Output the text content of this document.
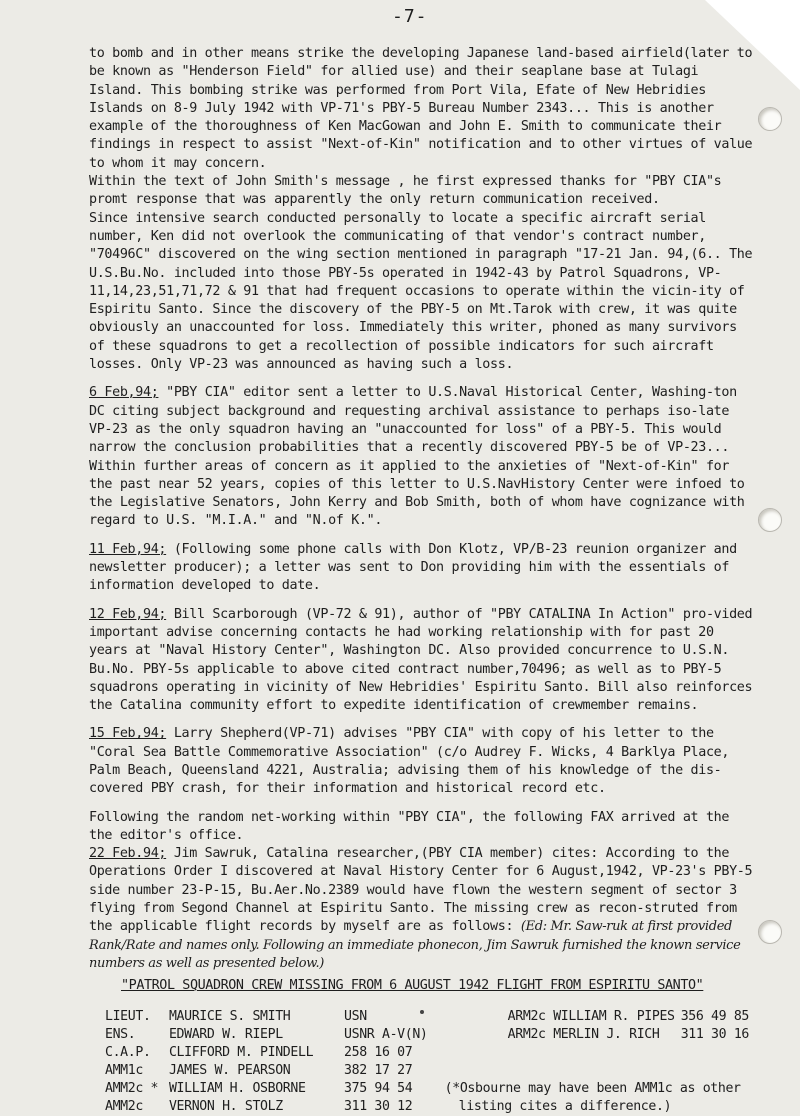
-7-

to bomb and in other means strike the developing Japanese land-based airfield(later to be known as "Henderson Field" for allied use) and their seaplane base at Tulagi Island. This bombing strike was performed from Port Vila, Efate of New Hebridies Islands on 8-9 July 1942 with VP-71's PBY-5 Bureau Number 2343... This is another example of the thoroughness of Ken MacGowan and John E. Smith to communicate their findings in respect to assist "Next-of-Kin" notification and to other virtues of value to whom it may concern.

Within the text of John Smith's message , he first expressed thanks for "PBY CIA"s promt response that was apparently the only return communication received.

Since intensive search conducted personally to locate a specific aircraft serial number, Ken did not overlook the communicating of that vendor's contract number, "70496C" discovered on the wing section mentioned in paragraph "17-21 Jan. 94,(6.. The U.S.Bu.No. included into those PBY-5s operated in 1942-43 by Patrol Squadrons, VP-11,14,23,51,71,72 & 91 that had frequent occasions to operate within the vicin-ity of Espiritu Santo. Since the discovery of the PBY-5 on Mt.Tarok with crew, it was quite obviously an unaccounted for loss. Immediately this writer, phoned as many survivors of these squadrons to get a recollection of possible indicators for such aircraft losses. Only VP-23 was announced as having such a loss.

6 Feb,94; "PBY CIA" editor sent a letter to U.S.Naval Historical Center, Washing-ton DC citing subject background and requesting archival assistance to perhaps iso-late VP-23 as the only squadron having an "unaccounted for loss" of a PBY-5. This would narrow the conclusion probabilities that a recently discovered PBY-5 be of VP-23... Within further areas of concern as it applied to the anxieties of "Next-of-Kin" for the past near 52 years, copies of this letter to U.S.NavHistory Center were infoed to the Legislative Senators, John Kerry and Bob Smith, both of whom have cognizance with regard to U.S. "M.I.A." and "N.of K.".

11 Feb,94; (Following some phone calls with Don Klotz, VP/B-23 reunion organizer and newsletter producer); a letter was sent to Don providing him with the essentials of information developed to date.

12 Feb,94; Bill Scarborough (VP-72 & 91), author of "PBY CATALINA In Action" pro-vided important advise concerning contacts he had working relationship with for past 20 years at "Naval History Center", Washington DC. Also provided concurrence to U.S.N. Bu.No. PBY-5s applicable to above cited contract number,70496; as well as to PBY-5 squadrons operating in vicinity of New Hebridies' Espiritu Santo. Bill also reinforces the Catalina community effort to expedite identification of crewmember remains.

15 Feb,94; Larry Shepherd(VP-71) advises "PBY CIA" with copy of his letter to the "Coral Sea Battle Commemorative Association" (c/o Audrey F. Wicks, 4 Barklya Place, Palm Beach, Queensland 4221, Australia; advising them of his knowledge of the dis-covered PBY crash, for their information and historical record etc.

Following the random net-working within "PBY CIA", the following FAX arrived at the the editor's office.

22 Feb.94; Jim Sawruk, Catalina researcher,(PBY CIA member) cites: According to the Operations Order I discovered at Naval History Center for 6 August,1942, VP-23's PBY-5 side number 23-P-15, Bu.Aer.No.2389 would have flown the western segment of sector 3 flying from Segond Channel at Espiritu Santo. The missing crew as recon-struted from the applicable flight records by myself are as follows: (Ed: Mr. Saw-ruk at first provided Rank/Rate and names only. Following an immediate phonecon, Jim Sawruk furnished the known service numbers as well as presented below.)

"PATROL SQUADRON CREW MISSING FROM 6 AUGUST 1942 FLIGHT FROM ESPIRITU SANTO"
LIEUT.	MAURICE S. SMITH	USN		ARM2c WILLIAM R. PIPES	356 49 85
ENS.	EDWARD W. RIEPL	USNR A-V(N)		ARM2c MERLIN J. RICH	311 30 16
C.A.P.	CLIFFORD M. PINDELL	258 16 07			
AMM1c	JAMES W. PEARSON	382 17 27			
AMM2c *	WILLIAM H. OSBORNE	375 94 54	(*Osbourne may have been AMM1c as other		
AMM2c	VERNON H. STOLZ	311 30 12	listing cites a difference.)		
